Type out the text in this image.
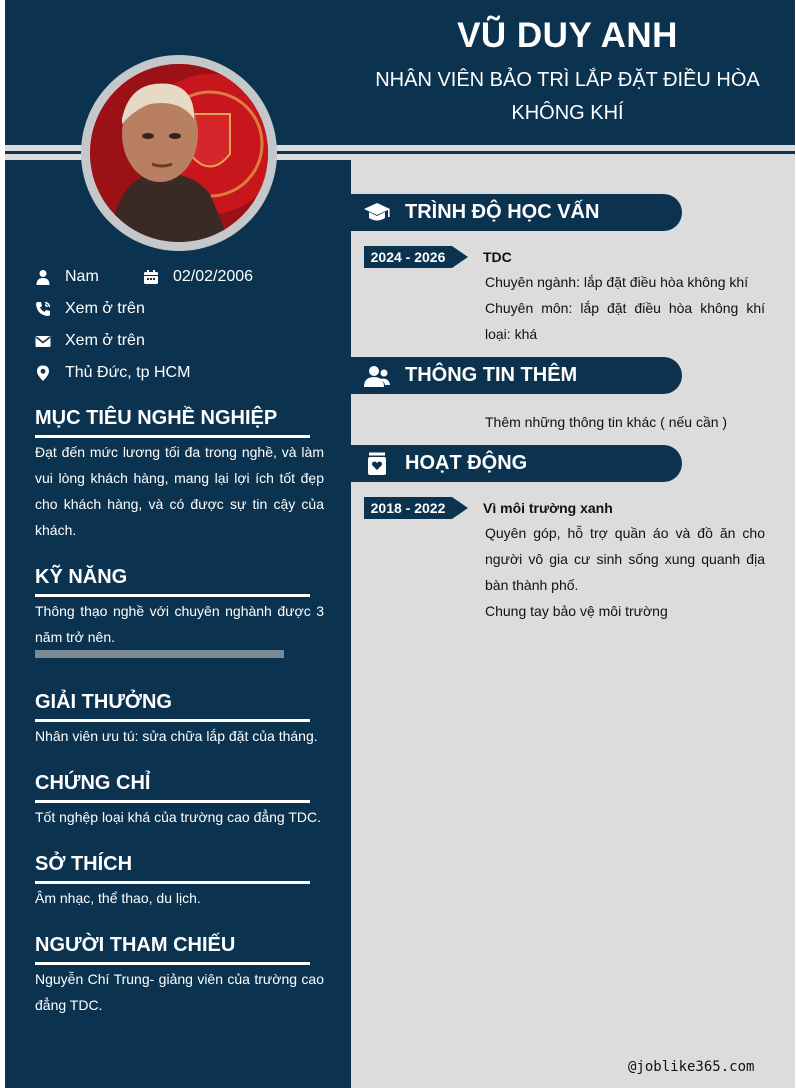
VŨ DUY ANH
NHÂN VIÊN BẢO TRÌ LẮP ĐẶT ĐIỀU HÒA KHÔNG KHÍ
Nam	02/02/2006
Xem ở trên
Xem ở trên
Thủ Đức, tp HCM
MỤC TIÊU NGHỀ NGHIỆP
Đạt đến mức lương tối đa trong nghề, và làm vui lòng khách hàng, mang lại lợi ích tốt đẹp cho khách hàng, và có được sự tin cậy của khách.
KỸ NĂNG
Thông thạo nghề với chuyên nghành được 3 năm trở nên.
GIẢI THƯỞNG
Nhân viên ưu tú: sửa chữa lắp đặt của tháng.
CHỨNG CHỈ
Tốt nghệp loại khá của trường cao đẳng TDC.
SỞ THÍCH
Âm nhạc, thể thao, du lịch.
NGƯỜI THAM CHIẾU
Nguyễn Chí Trung- giảng viên của trường cao đẳng TDC.
TRÌNH ĐỘ HỌC VẤN
2024 - 2026	TDC
Chuyên ngành: lắp đặt điều hòa không khí
Chuyên môn: lắp đặt điều hòa không khí loại: khá
THÔNG TIN THÊM
Thêm những thông tin khác ( nếu cần )
HOẠT ĐỘNG
2018 - 2022	Vì môi trường xanh
Quyên góp, hỗ trợ quần áo và đồ ăn cho người vô gia cư sinh sống xung quanh địa bàn thành phố.
Chung tay bảo vệ môi trường
@joblike365.com
